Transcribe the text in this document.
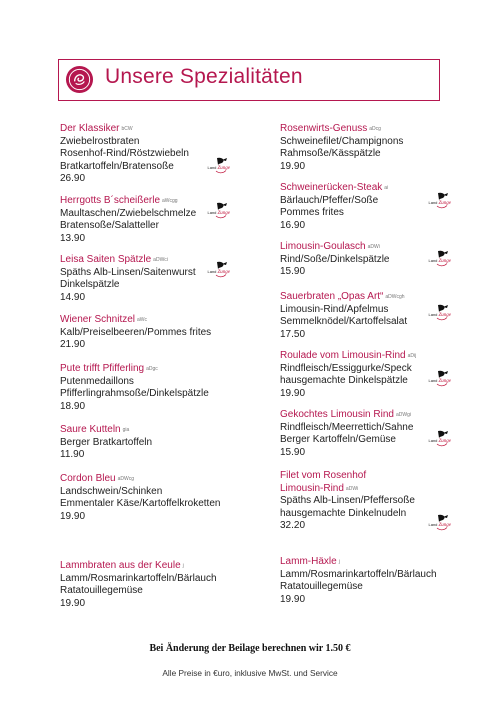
Unsere Spezialitäten
Der Klassiker bCW
Zwiebelrostbraten
Rosenhof-Rind/Röstzwiebeln
Bratkartoffeln/Bratensoße
26.90
Herrgotts B´scheißerle aWcgg
Maultaschen/Zwiebelschmelze
Bratensoße/Salatteller
13.90
Leisa Saiten Spätzle aDWci
Späths Alb-Linsen/Saitenwurst
Dinkelspätzle
14.90
Wiener Schnitzel aWc
Kalb/Preiselbeeren/Pommes frites
21.90
Pute trifft Pfifferling aDgc
Putenmedaillons
Pfifferlingrahmsoße/Dinkelspätzle
18.90
Saure Kutteln gia
Berger Bratkartoffeln
11.90
Cordon Bleu aDWcg
Landschwein/Schinken
Emmentaler Käse/Kartoffelkroketten
19.90
Lammbraten aus der Keule j
Lamm/Rosmarinkartoffeln/Bärlauch
Ratatouillegemüse
19.90
Rosenwirts-Genuss aDcg
Schweinefilet/Champignons
Rahmsoße/Kässpätzle
19.90
Schweinerücken-Steak ai
Bärlauch/Pfeffer/Soße
Pommes frites
16.90
Limousin-Goulasch aDWi
Rind/Soße/Dinkelspätzle
15.90
Sauerbraten „Opas Art“ aDWcgh
Limousin-Rind/Apfelmus
Semmelknödel/Kartoffelsalat
17.50
Roulade vom Limousin-Rind aDij
Rindfleisch/Essiggurke/Speck
hausgemachte Dinkelspätzle
19.90
Gekochtes Limousin Rind aDWgi
Rindfleisch/Meerrettich/Sahne
Berger Kartoffeln/Gemüse
15.90
Filet vom Rosenhof
Limousin-Rind aDWi
Späths Alb-Linsen/Pfeffersoße
hausgemachte Dinkelnudeln
32.20
Lamm-Häxle j
Lamm/Rosmarinkartoffeln/Bärlauch
Ratatouillegemüse
19.90
Land Zunge
Land Zunge
Land Zunge
Land Zunge
Land Zunge
Land Zunge
Land Zunge
Land Zunge
Land Zunge
Bei Änderung der Beilage berechnen wir 1.50 €
Alle Preise in €uro, inklusive MwSt. und Service
